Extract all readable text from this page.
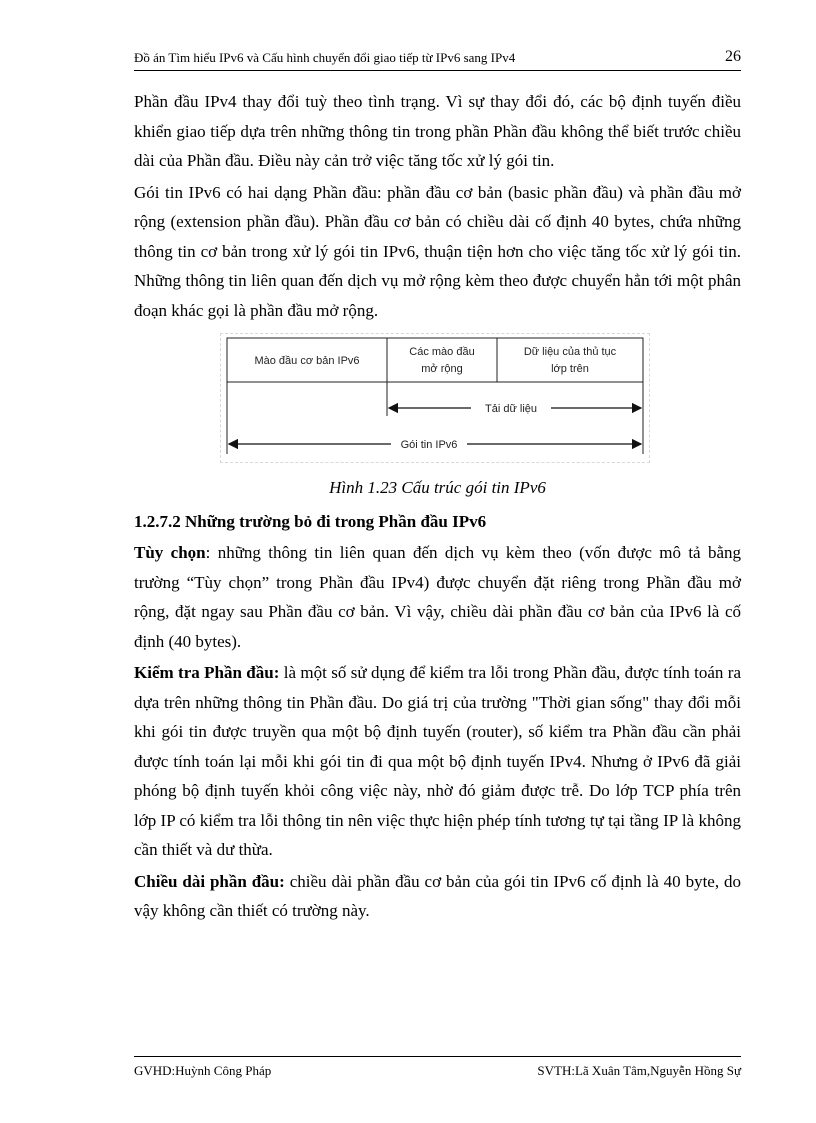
Đồ án Tìm hiểu IPv6 và Cấu hình chuyển đổi giao tiếp từ IPv6 sang IPv4	26

Phần đầu IPv4 thay đổi tuỳ theo tình trạng. Vì sự thay đổi đó, các bộ định tuyến điều khiển giao tiếp dựa trên những thông tin trong phần Phần đầu không thể biết trước chiều dài của Phần đầu. Điều này cản trở việc tăng tốc xử lý gói tin.

Gói tin IPv6 có hai dạng Phần đầu: phần đầu cơ bản (basic phần đầu) và phần đầu mở rộng (extension phần đầu). Phần đầu cơ bản có chiều dài cố định 40 bytes, chứa những thông tin cơ bản trong xử lý gói tin IPv6, thuận tiện hơn cho việc tăng tốc xử lý gói tin. Những thông tin liên quan đến dịch vụ mở rộng kèm theo được chuyển hẳn tới một phân đoạn khác gọi là phần đầu mở rộng.

Mào đầu cơ bản IPv6
Các mào đầu
mở rộng
Dữ liệu của thủ tục
lớp trên
Tải dữ liệu
Gói tin IPv6
Hình 1.23 Cấu trúc gói tin IPv6
1.2.7.2 Những trường bỏ đi trong Phần đầu IPv6

Tùy chọn: những thông tin liên quan đến dịch vụ kèm theo (vốn được mô tả bằng trường “Tùy chọn” trong Phần đầu IPv4) được chuyển đặt riêng trong Phần đầu mở rộng, đặt ngay sau Phần đầu cơ bản. Vì vậy, chiều dài phần đầu cơ bản của IPv6 là cố định (40 bytes).

Kiểm tra Phần đầu: là một số sử dụng để kiểm tra lỗi trong Phần đầu, được tính toán ra dựa trên những thông tin Phần đầu. Do giá trị của trường "Thời gian sống" thay đổi mỗi khi gói tin được truyền qua một bộ định tuyến (router), số kiểm tra Phần đầu cần phải được tính toán lại mỗi khi gói tin đi qua một bộ định tuyến IPv4. Nhưng ở IPv6 đã giải phóng bộ định tuyến khỏi công việc này, nhờ đó giảm được trễ. Do lớp TCP phía trên lớp IP có kiểm tra lỗi thông tin nên việc thực hiện phép tính tương tự tại tầng IP là không cần thiết và dư thừa.

Chiều dài phần đầu: chiều dài phần đầu cơ bản của gói tin IPv6 cố định là 40 byte, do vậy không cần thiết có trường này.

GVHD:Huỳnh Công Pháp	SVTH:Lã Xuân Tâm,Nguyễn Hồng Sự
